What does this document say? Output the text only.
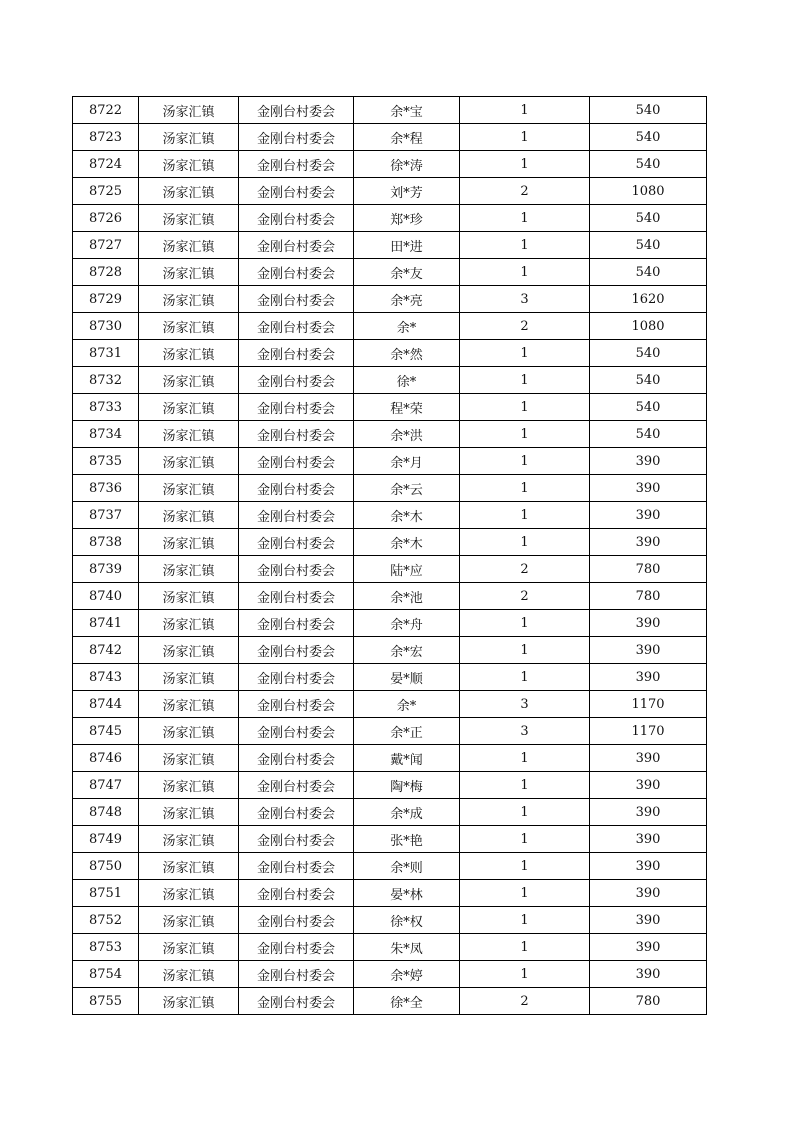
8722	汤家汇镇	金刚台村委会	余*宝	1	540
8723	汤家汇镇	金刚台村委会	余*程	1	540
8724	汤家汇镇	金刚台村委会	徐*涛	1	540
8725	汤家汇镇	金刚台村委会	刘*芳	2	1080
8726	汤家汇镇	金刚台村委会	郑*珍	1	540
8727	汤家汇镇	金刚台村委会	田*进	1	540
8728	汤家汇镇	金刚台村委会	余*友	1	540
8729	汤家汇镇	金刚台村委会	余*亮	3	1620
8730	汤家汇镇	金刚台村委会	余*	2	1080
8731	汤家汇镇	金刚台村委会	余*然	1	540
8732	汤家汇镇	金刚台村委会	徐*	1	540
8733	汤家汇镇	金刚台村委会	程*荣	1	540
8734	汤家汇镇	金刚台村委会	余*洪	1	540
8735	汤家汇镇	金刚台村委会	余*月	1	390
8736	汤家汇镇	金刚台村委会	余*云	1	390
8737	汤家汇镇	金刚台村委会	余*木	1	390
8738	汤家汇镇	金刚台村委会	余*木	1	390
8739	汤家汇镇	金刚台村委会	陆*应	2	780
8740	汤家汇镇	金刚台村委会	余*池	2	780
8741	汤家汇镇	金刚台村委会	余*舟	1	390
8742	汤家汇镇	金刚台村委会	余*宏	1	390
8743	汤家汇镇	金刚台村委会	晏*顺	1	390
8744	汤家汇镇	金刚台村委会	余*	3	1170
8745	汤家汇镇	金刚台村委会	余*正	3	1170
8746	汤家汇镇	金刚台村委会	戴*闻	1	390
8747	汤家汇镇	金刚台村委会	陶*梅	1	390
8748	汤家汇镇	金刚台村委会	余*成	1	390
8749	汤家汇镇	金刚台村委会	张*艳	1	390
8750	汤家汇镇	金刚台村委会	余*则	1	390
8751	汤家汇镇	金刚台村委会	晏*林	1	390
8752	汤家汇镇	金刚台村委会	徐*权	1	390
8753	汤家汇镇	金刚台村委会	朱*凤	1	390
8754	汤家汇镇	金刚台村委会	余*婷	1	390
8755	汤家汇镇	金刚台村委会	徐*全	2	780
